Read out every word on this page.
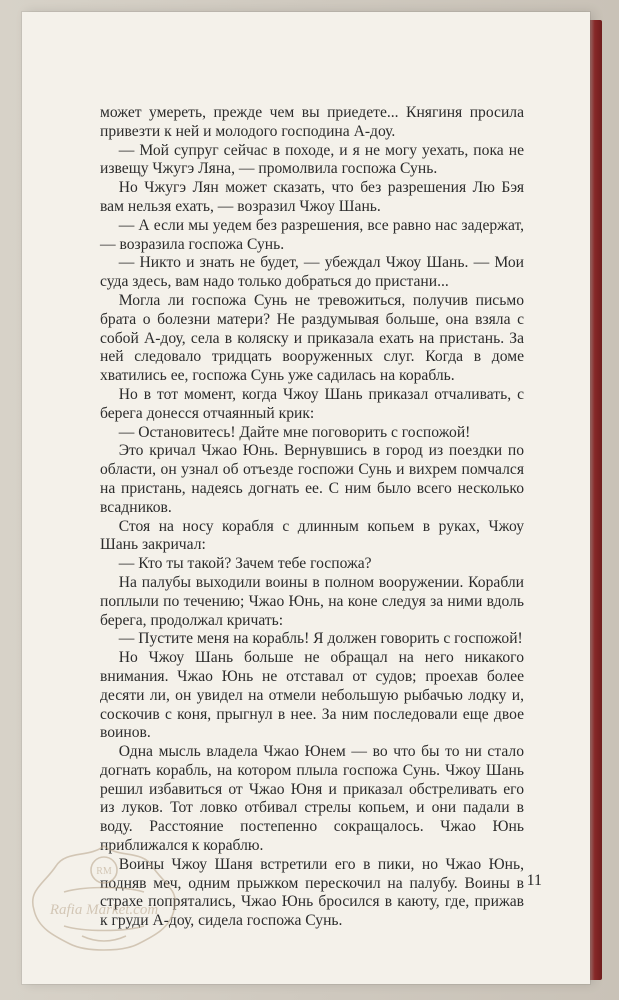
может умереть, прежде чем вы приедете... Княгиня просила привезти к ней и молодого господина А-доу.

— Мой супруг сейчас в походе, и я не могу уехать, пока не извещу Чжугэ Ляна, — промолвила госпожа Сунь.

Но Чжугэ Лян может сказать, что без разрешения Лю Бэя вам нельзя ехать, — возразил Чжоу Шань.

— А если мы уедем без разрешения, все равно нас задержат, — возразила госпожа Сунь.

— Никто и знать не будет, — убеждал Чжоу Шань. — Мои суда здесь, вам надо только добраться до пристани...

Могла ли госпожа Сунь не тревожиться, получив письмо брата о болезни матери? Не раздумывая больше, она взяла с собой А-доу, села в коляску и приказала ехать на пристань. За ней следовало тридцать вооруженных слуг. Когда в доме хватились ее, госпожа Сунь уже садилась на корабль.

Но в тот момент, когда Чжоу Шань приказал отчаливать, с берега донесся отчаянный крик:

— Остановитесь! Дайте мне поговорить с госпожой!

Это кричал Чжао Юнь. Вернувшись в город из поездки по области, он узнал об отъезде госпожи Сунь и вихрем помчался на пристань, надеясь догнать ее. С ним было всего несколько всадников.

Стоя на носу корабля с длинным копьем в руках, Чжоу Шань закричал:

— Кто ты такой? Зачем тебе госпожа?

На палубы выходили воины в полном вооружении. Корабли поплыли по течению; Чжао Юнь, на коне следуя за ними вдоль берега, продолжал кричать:

— Пустите меня на корабль! Я должен говорить с госпожой!

Но Чжоу Шань больше не обращал на него никакого внимания. Чжао Юнь не отставал от судов; проехав более десяти ли, он увидел на отмели небольшую рыбачью лодку и, соскочив с коня, прыгнул в нее. За ним последовали еще двое воинов.

Одна мысль владела Чжао Юнем — во что бы то ни стало догнать корабль, на котором плыла госпожа Сунь. Чжоу Шань решил избавиться от Чжао Юня и приказал обстреливать его из луков. Тот ловко отбивал стрелы копьем, и они падали в воду. Расстояние постепенно сокращалось. Чжао Юнь приближался к кораблю.

Воины Чжоу Шаня встретили его в пики, но Чжао Юнь, подняв меч, одним прыжком перескочил на палубу. Воины в страхе попрятались, Чжао Юнь бросился в каюту, где, прижав к груди А-доу, сидела госпожа Сунь.

11
RM
Rafia Market.com
